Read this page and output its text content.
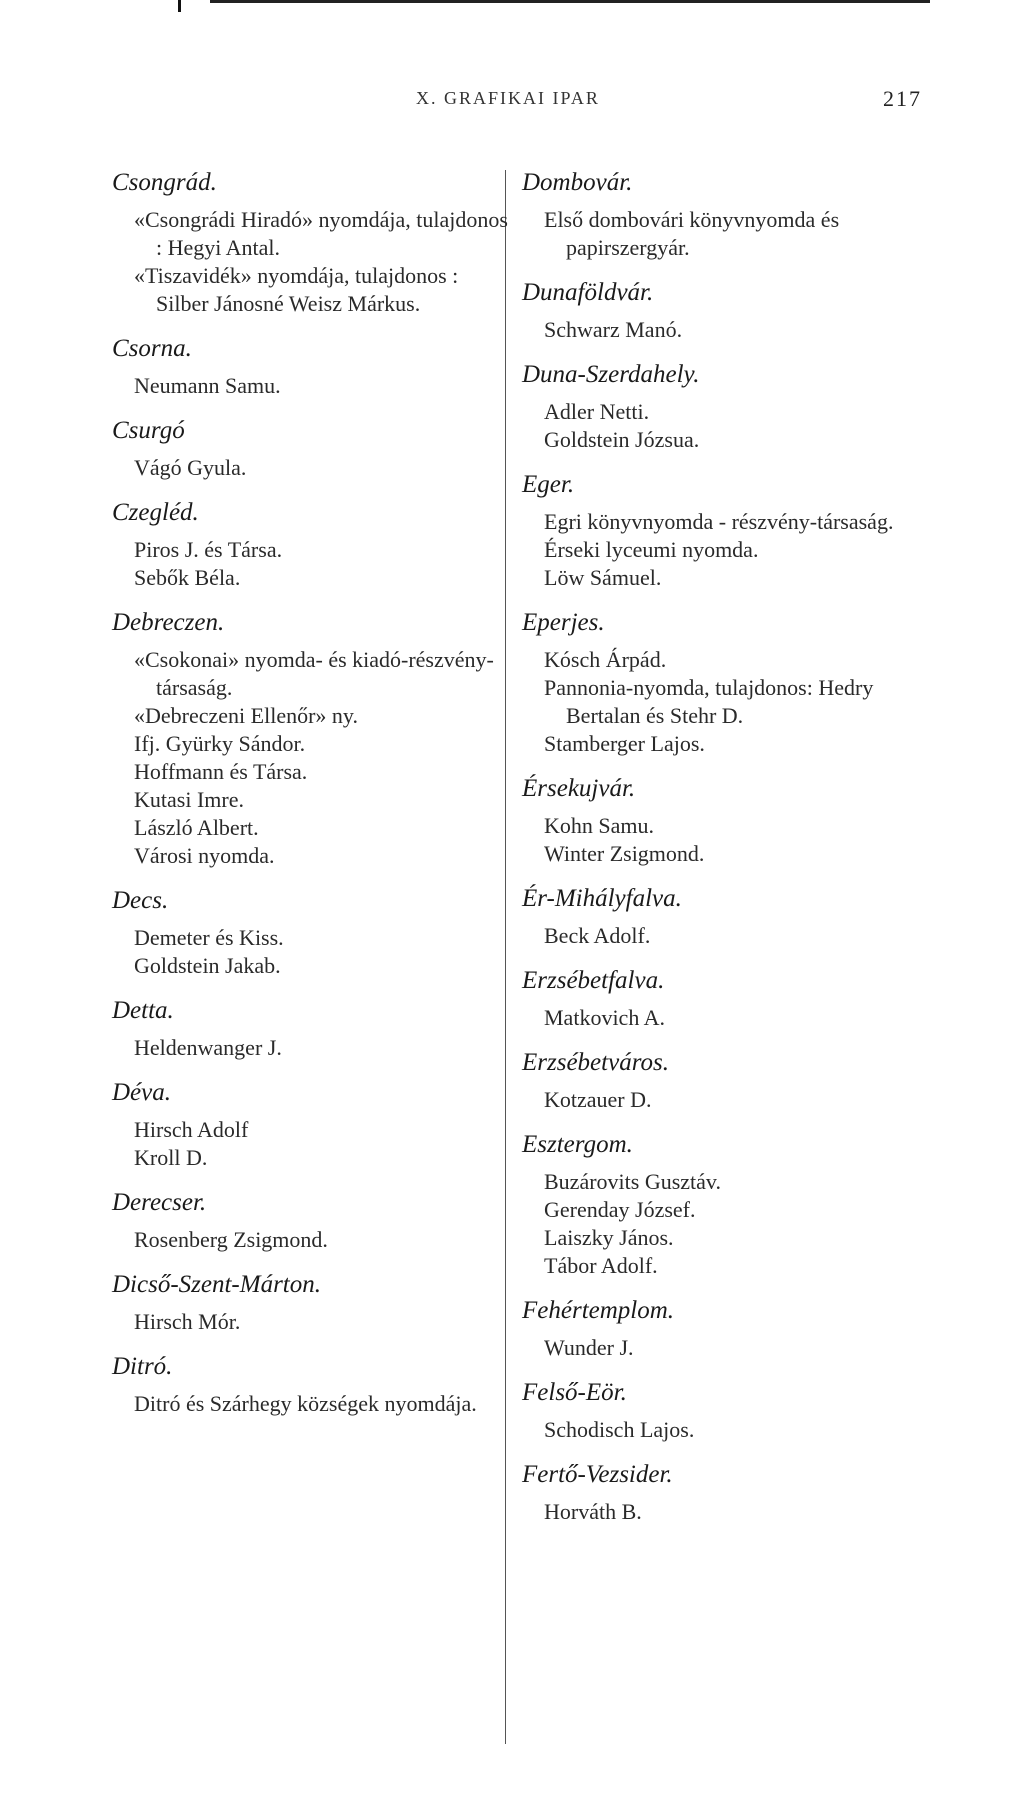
X. GRAFIKAI IPAR	217
Csongrád.
«Csongrádi Hiradó» nyomdája, tulajdonos : Hegyi Antal.
«Tiszavidék» nyomdája, tulajdonos : Silber Jánosné Weisz Márkus.
Csorna.
Neumann Samu.
Csurgó
Vágó Gyula.
Czegléd.
Piros J. és Társa.
Sebők Béla.
Debreczen.
«Csokonai» nyomda- és kiadó-részvény-társaság.
«Debreczeni Ellenőr» ny.
Ifj. Gyürky Sándor.
Hoffmann és Társa.
Kutasi Imre.
László Albert.
Városi nyomda.
Decs.
Demeter és Kiss.
Goldstein Jakab.
Detta.
Heldenwanger J.
Déva.
Hirsch Adolf
Kroll D.
Derecser.
Rosenberg Zsigmond.
Dicső-Szent-Márton.
Hirsch Mór.
Ditró.
Ditró és Szárhegy községek nyomdája.
Dombovár.
Első dombovári könyvnyomda és papirszergyár.
Dunaföldvár.
Schwarz Manó.
Duna-Szerdahely.
Adler Netti.
Goldstein Józsua.
Eger.
Egri könyvnyomda - részvény-társaság.
Érseki lyceumi nyomda.
Löw Sámuel.
Eperjes.
Kósch Árpád.
Pannonia-nyomda, tulajdonos: Hedry Bertalan és Stehr D.
Stamberger Lajos.
Érsekujvár.
Kohn Samu.
Winter Zsigmond.
Ér-Mihályfalva.
Beck Adolf.
Erzsébetfalva.
Matkovich A.
Erzsébetváros.
Kotzauer D.
Esztergom.
Buzárovits Gusztáv.
Gerenday József.
Laiszky János.
Tábor Adolf.
Fehértemplom.
Wunder J.
Felső-Eör.
Schodisch Lajos.
Fertő-Vezsider.
Horváth B.
